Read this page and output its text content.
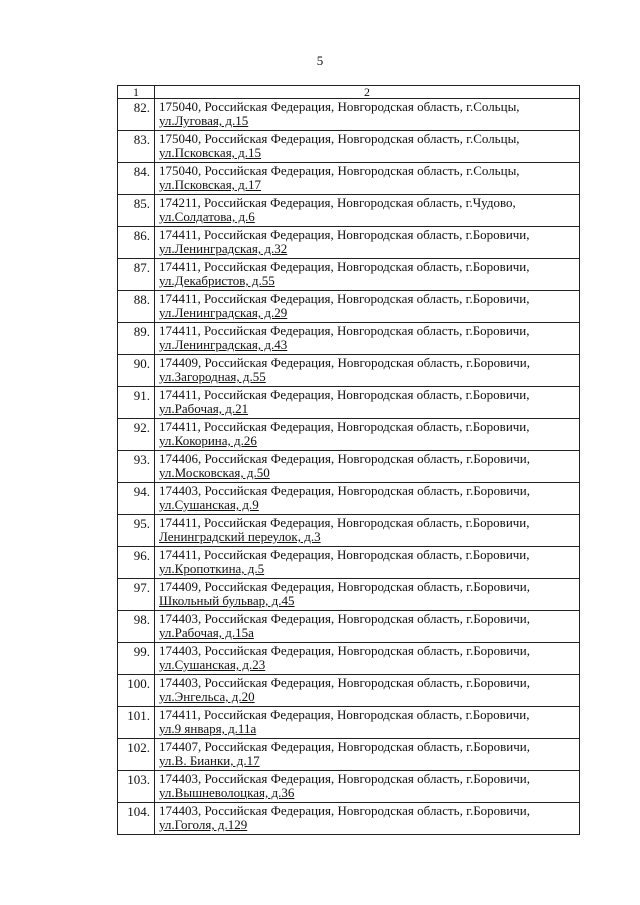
5
1	2
82.	175040, Российская Федерация, Новгородская область, г.Сольцы,
ул.Луговая, д.15

83.	175040, Российская Федерация, Новгородская область, г.Сольцы,
ул.Псковская, д.15

84.	175040, Российская Федерация, Новгородская область, г.Сольцы,
ул.Псковская, д.17

85.	174211, Российская Федерация, Новгородская область, г.Чудово,
ул.Солдатова, д.6

86.	174411, Российская Федерация, Новгородская область, г.Боровичи,
ул.Ленинградская, д.32

87.	174411, Российская Федерация, Новгородская область, г.Боровичи,
ул.Декабристов, д.55

88.	174411, Российская Федерация, Новгородская область, г.Боровичи,
ул.Ленинградская, д.29

89.	174411, Российская Федерация, Новгородская область, г.Боровичи,
ул.Ленинградская, д.43

90.	174409, Российская Федерация, Новгородская область, г.Боровичи,
ул.Загородная, д.55

91.	174411, Российская Федерация, Новгородская область, г.Боровичи,
ул.Рабочая, д.21

92.	174411, Российская Федерация, Новгородская область, г.Боровичи,
ул.Кокорина, д.26

93.	174406, Российская Федерация, Новгородская область, г.Боровичи,
ул.Московская, д.50

94.	174403, Российская Федерация, Новгородская область, г.Боровичи,
ул.Сушанская, д.9

95.	174411, Российская Федерация, Новгородская область, г.Боровичи,
Ленинградский переулок, д.3

96.	174411, Российская Федерация, Новгородская область, г.Боровичи,
ул.Кропоткина, д.5

97.	174409, Российская Федерация, Новгородская область, г.Боровичи,
Школьный бульвар, д.45

98.	174403, Российская Федерация, Новгородская область, г.Боровичи,
ул.Рабочая, д.15а

99.	174403, Российская Федерация, Новгородская область, г.Боровичи,
ул.Сушанская, д.23

100.	174403, Российская Федерация, Новгородская область, г.Боровичи,
ул.Энгельса, д.20

101.	174411, Российская Федерация, Новгородская область, г.Боровичи,
ул.9 января, д.11а

102.	174407, Российская Федерация, Новгородская область, г.Боровичи,
ул.В. Бианки, д.17

103.	174403, Российская Федерация, Новгородская область, г.Боровичи,
ул.Вышневолоцкая, д.36

104.	174403, Российская Федерация, Новгородская область, г.Боровичи,
ул.Гоголя, д.129
